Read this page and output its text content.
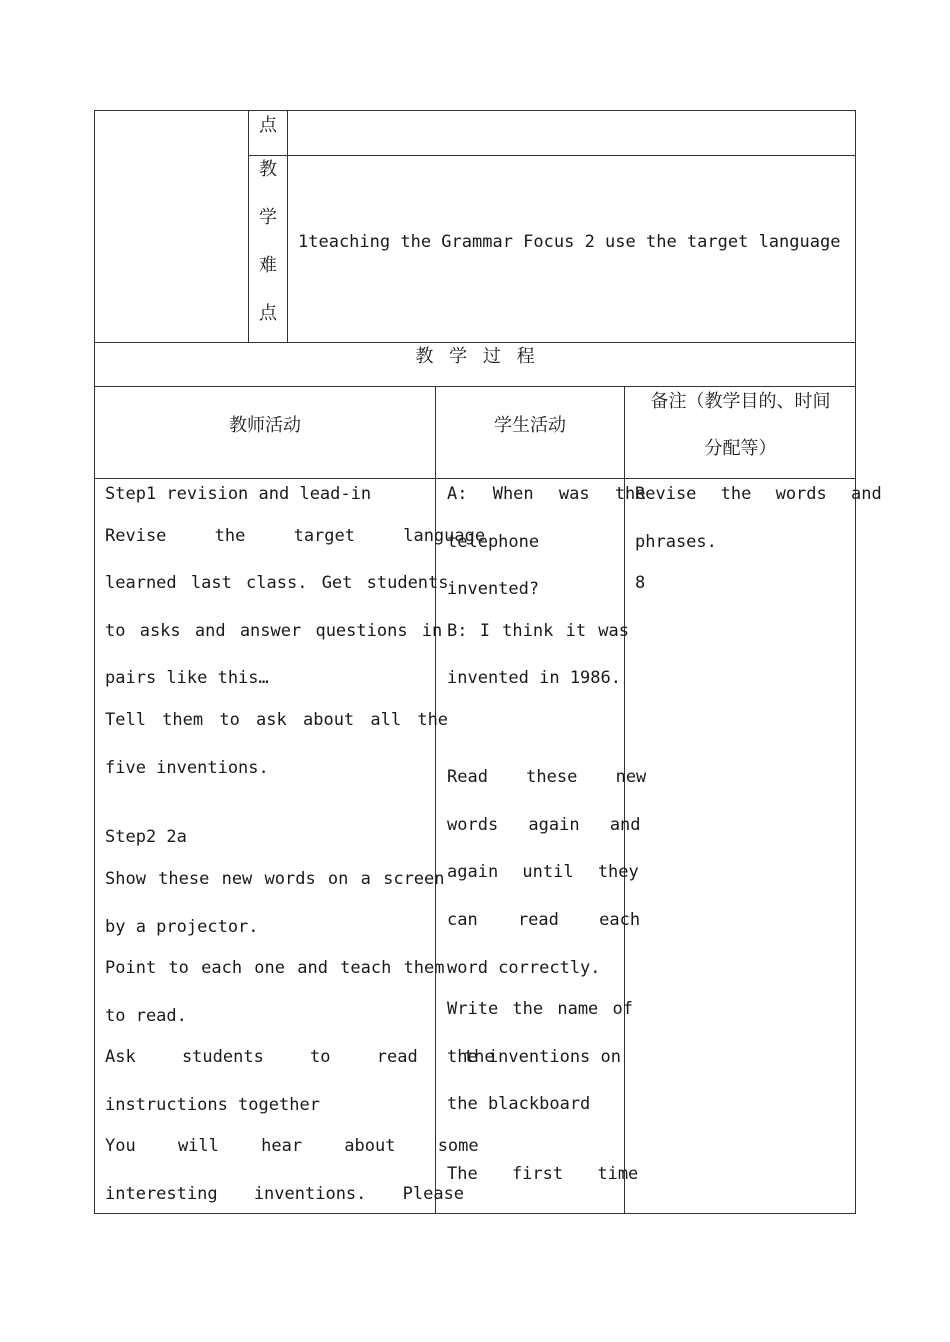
点
教
学
难
点
1teaching the Grammar Focus 2 use the target language
教 学 过 程
教师活动	学生活动
备注（教学目的、时间
分配等）
Step1 revision and lead-in
Revise the target language
learned last class. Get students
to asks and answer questions in
pairs like this…
Tell them to ask about all the
five inventions.
Step2 2a
Show these new words on a screen
by a projector.
Point to each one and teach them
to read.
Ask students to read the
instructions together
You will hear about some
interesting inventions. Please
A: When was the
telephone
invented?
B: I think it was
invented in 1986.
Read these new
words again and
again until they
can read each
word correctly.
Write the name of
the inventions on
the blackboard
The first time
Revise the words and
phrases.
8
